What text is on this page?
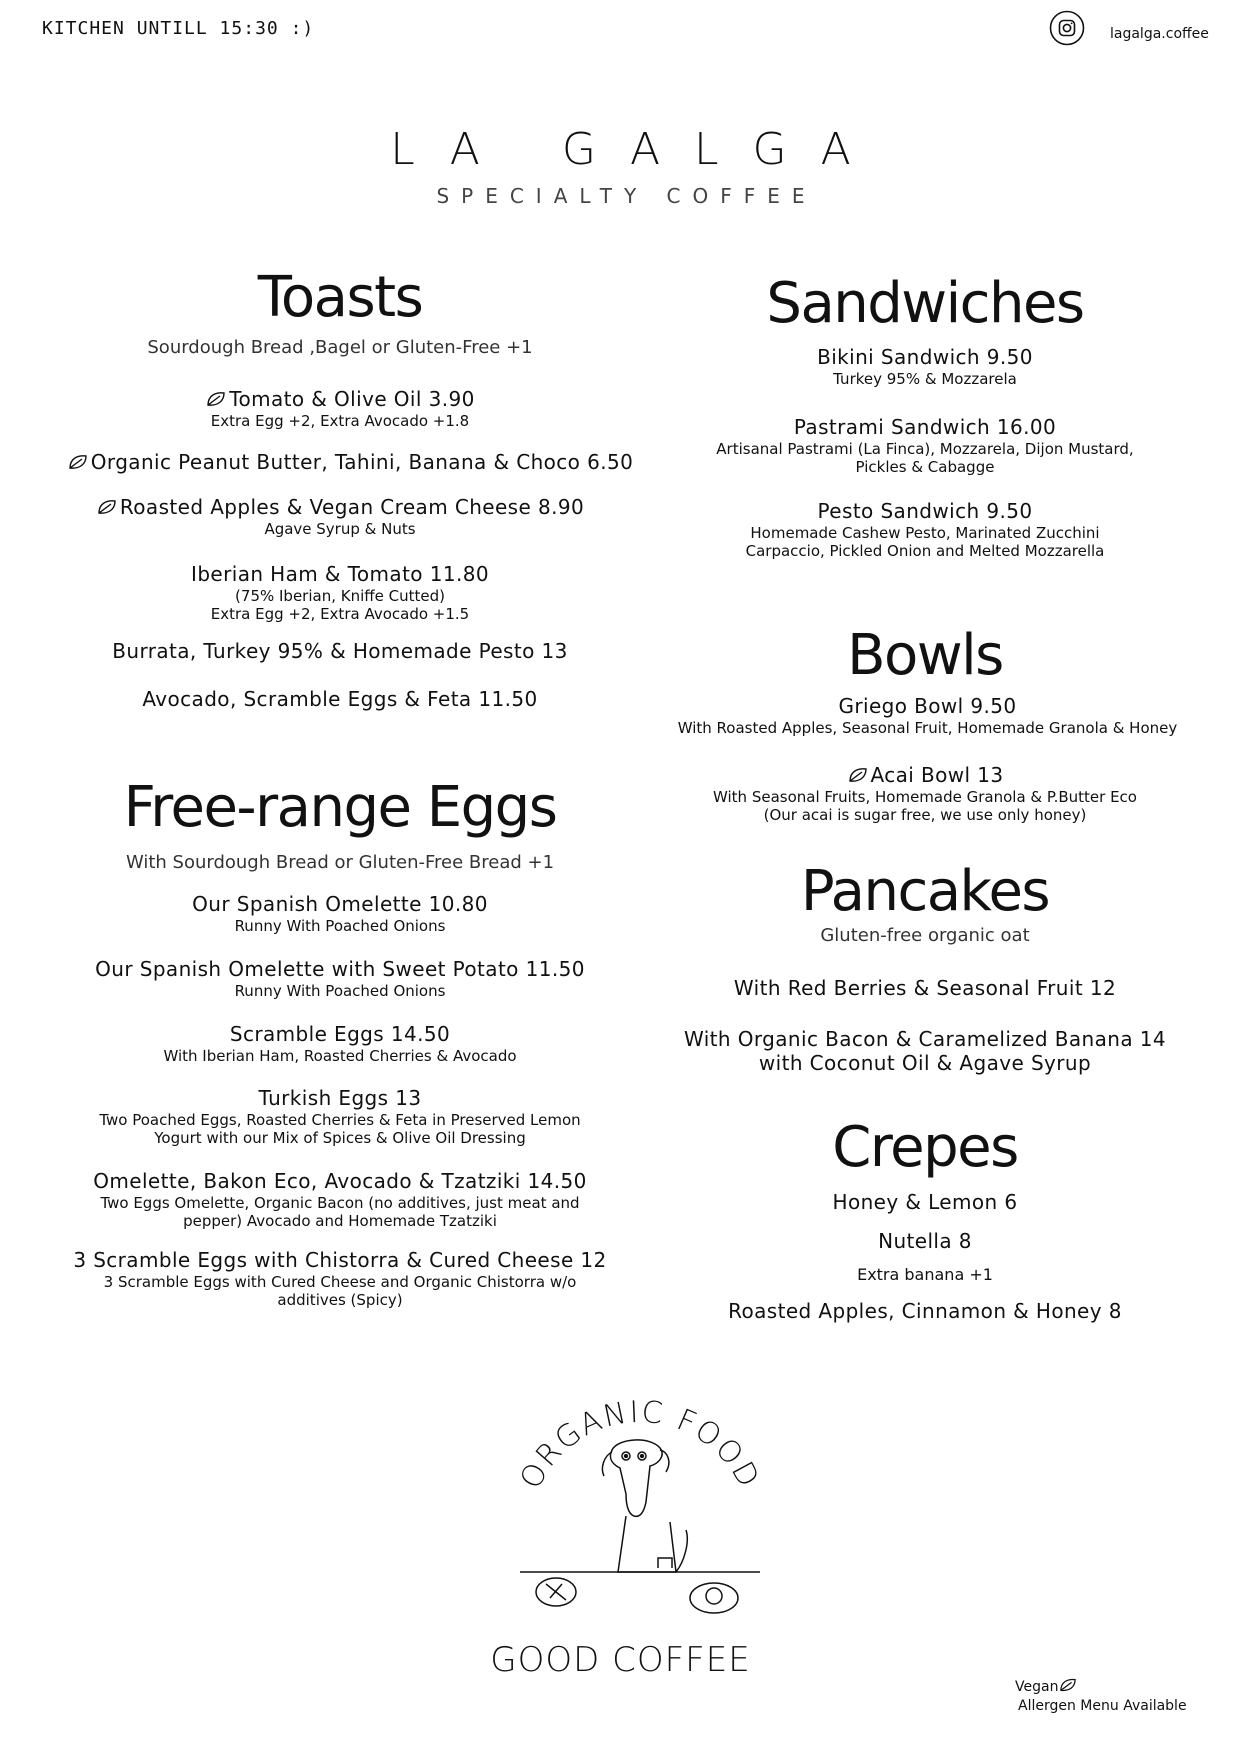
KITCHEN UNTILL 15:30 :)	lagalga.coffee
LA GALGA
SPECIALTY COFFEE
Toasts
Sourdough Bread ,Bagel or Gluten-Free +1
Tomato & Olive Oil 3.90
Extra Egg +2, Extra Avocado +1.8
Organic Peanut Butter, Tahini, Banana & Choco 6.50
Roasted Apples & Vegan Cream Cheese 8.90
Agave Syrup & Nuts
Iberian Ham & Tomato 11.80
(75% Iberian, Kniffe Cutted)
Extra Egg +2, Extra Avocado +1.5
Burrata, Turkey 95% & Homemade Pesto 13
Avocado, Scramble Eggs & Feta 11.50
Free-range Eggs
With Sourdough Bread or Gluten-Free Bread +1
Our Spanish Omelette 10.80
Runny With Poached Onions
Our Spanish Omelette with Sweet Potato 11.50
Runny With Poached Onions
Scramble Eggs 14.50
With Iberian Ham, Roasted Cherries & Avocado
Turkish Eggs 13
Two Poached Eggs, Roasted Cherries & Feta in Preserved Lemon
Yogurt with our Mix of Spices & Olive Oil Dressing
Omelette, Bakon Eco, Avocado & Tzatziki 14.50
Two Eggs Omelette, Organic Bacon (no additives, just meat and
pepper) Avocado and Homemade Tzatziki
3 Scramble Eggs with Chistorra & Cured Cheese 12
3 Scramble Eggs with Cured Cheese and Organic Chistorra w/o
additives (Spicy)
Sandwiches
Bikini Sandwich 9.50
Turkey 95% & Mozzarela
Pastrami Sandwich 16.00
Artisanal Pastrami (La Finca), Mozzarela, Dijon Mustard,
Pickles & Cabagge
Pesto Sandwich 9.50
Homemade Cashew Pesto, Marinated Zucchini
Carpaccio, Pickled Onion and Melted Mozzarella
Bowls
Griego Bowl 9.50
With Roasted Apples, Seasonal Fruit, Homemade Granola & Honey
Acai Bowl 13
With Seasonal Fruits, Homemade Granola & P.Butter Eco
(Our acai is sugar free, we use only honey)
Pancakes
Gluten-free organic oat
With Red Berries & Seasonal Fruit 12
With Organic Bacon & Caramelized Banana 14
with Coconut Oil & Agave Syrup
Crepes
Honey & Lemon 6
Nutella 8
Extra banana +1
Roasted Apples, Cinnamon & Honey 8
ORGANIC FOOD
GOOD COFFEE
Vegan
Allergen Menu Available
